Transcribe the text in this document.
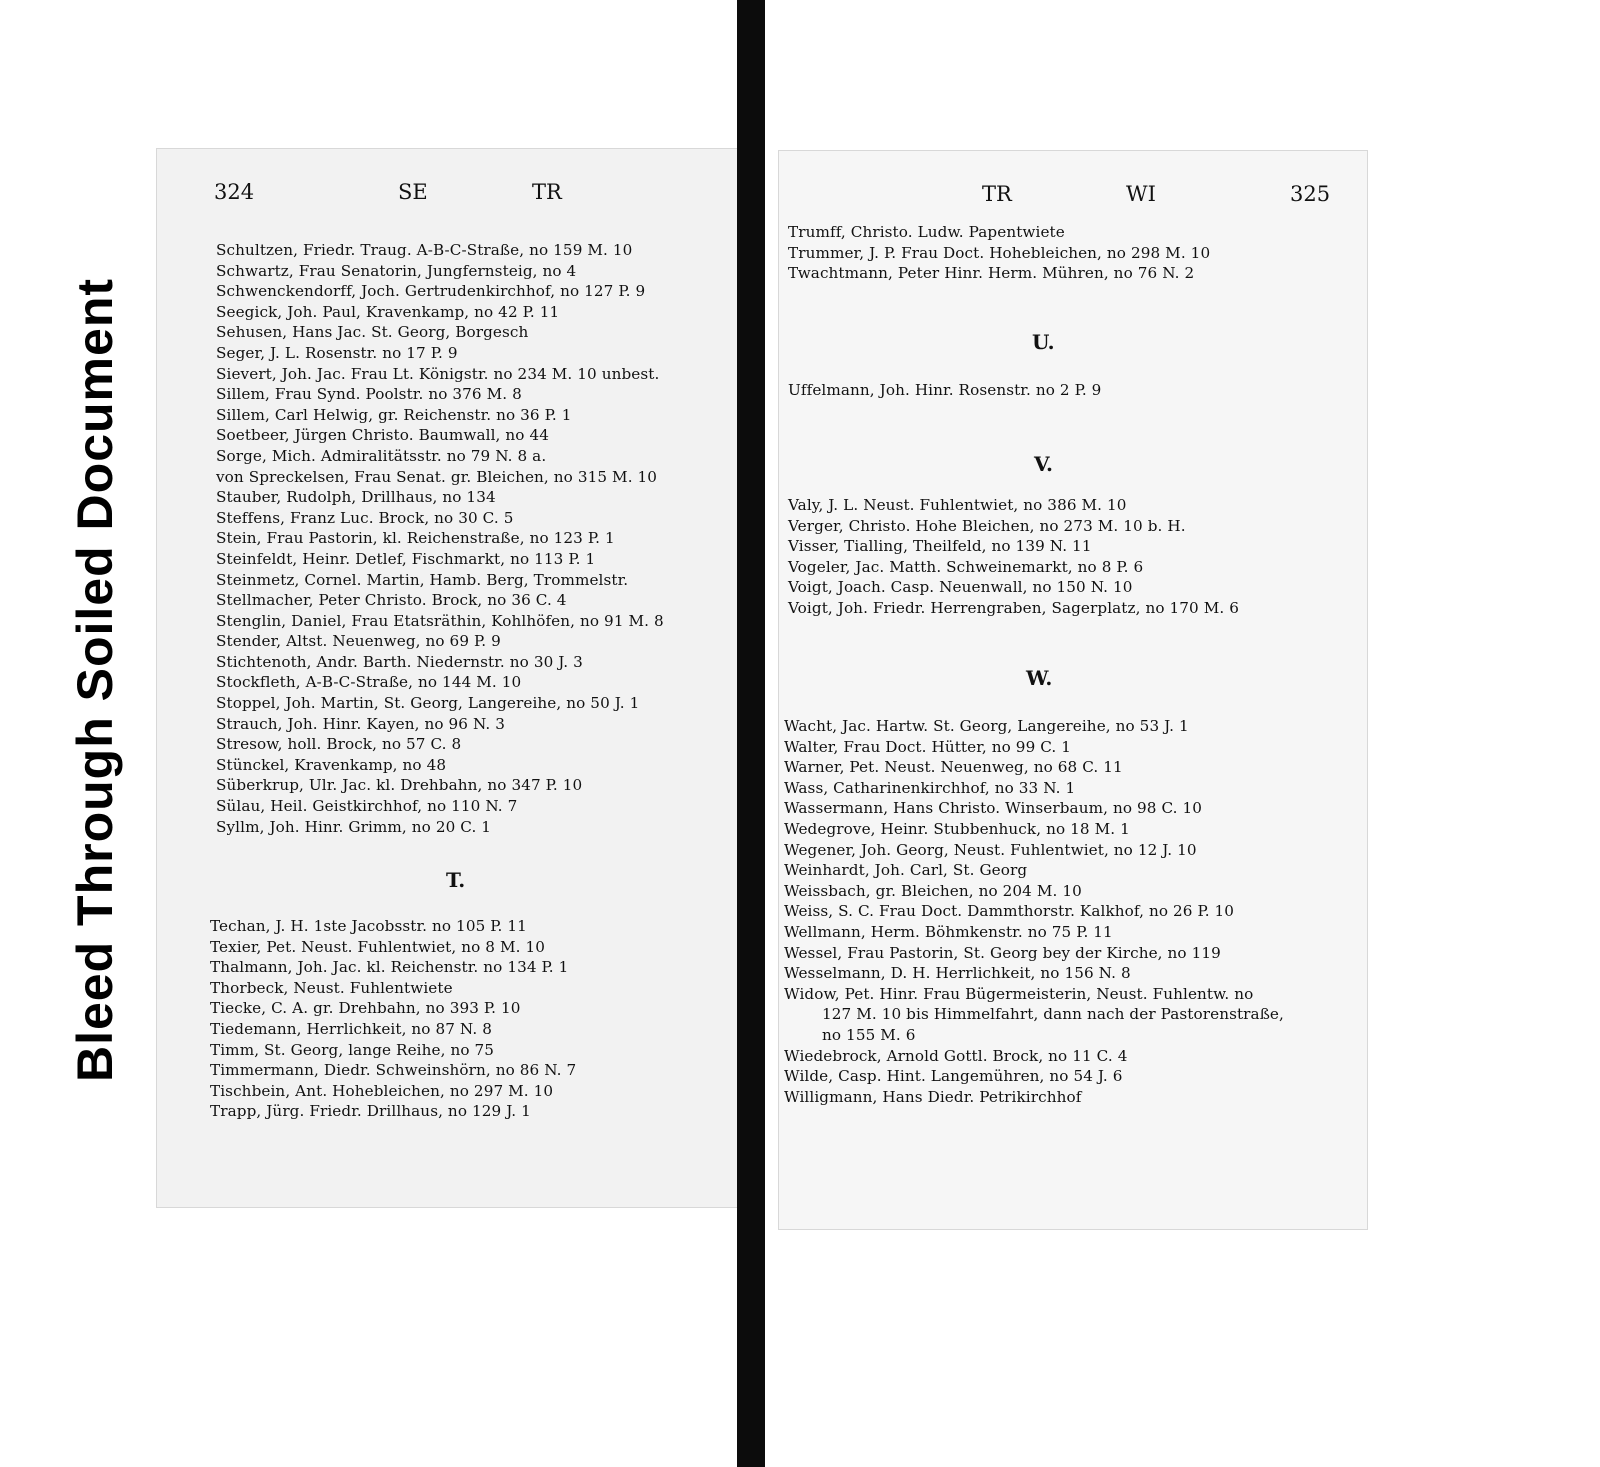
Bleed Through Soiled Document
324	SE	TR
Schultzen, Friedr. Traug. A-B-C-Straße, no 159 M. 10
Schwartz, Frau Senatorin, Jungfernsteig, no 4
Schwenckendorff, Joch. Gertrudenkirchhof, no 127 P. 9
Seegick, Joh. Paul, Kravenkamp, no 42 P. 11
Sehusen, Hans Jac. St. Georg, Borgesch
Seger, J. L. Rosenstr. no 17 P. 9
Sievert, Joh. Jac. Frau Lt. Königstr. no 234 M. 10 unbest.
Sillem, Frau Synd. Poolstr. no 376 M. 8
Sillem, Carl Helwig, gr. Reichenstr. no 36 P. 1
Soetbeer, Jürgen Christo. Baumwall, no 44
Sorge, Mich. Admiralitätsstr. no 79 N. 8 a.
von Spreckelsen, Frau Senat. gr. Bleichen, no 315 M. 10
Stauber, Rudolph, Drillhaus, no 134
Steffens, Franz Luc. Brock, no 30 C. 5
Stein, Frau Pastorin, kl. Reichenstraße, no 123 P. 1
Steinfeldt, Heinr. Detlef, Fischmarkt, no 113 P. 1
Steinmetz, Cornel. Martin, Hamb. Berg, Trommelstr.
Stellmacher, Peter Christo. Brock, no 36 C. 4
Stenglin, Daniel, Frau Etatsräthin, Kohlhöfen, no 91 M. 8
Stender, Altst. Neuenweg, no 69 P. 9
Stichtenoth, Andr. Barth. Niedernstr. no 30 J. 3
Stockfleth, A-B-C-Straße, no 144 M. 10
Stoppel, Joh. Martin, St. Georg, Langereihe, no 50 J. 1
Strauch, Joh. Hinr. Kayen, no 96 N. 3
Stresow, holl. Brock, no 57 C. 8
Stünckel, Kravenkamp, no 48
Süberkrup, Ulr. Jac. kl. Drehbahn, no 347 P. 10
Sülau, Heil. Geistkirchhof, no 110 N. 7
Syllm, Joh. Hinr. Grimm, no 20 C. 1
T.
Techan, J. H. 1ste Jacobsstr. no 105 P. 11
Texier, Pet. Neust. Fuhlentwiet, no 8 M. 10
Thalmann, Joh. Jac. kl. Reichenstr. no 134 P. 1
Thorbeck, Neust. Fuhlentwiete
Tiecke, C. A. gr. Drehbahn, no 393 P. 10
Tiedemann, Herrlichkeit, no 87 N. 8
Timm, St. Georg, lange Reihe, no 75
Timmermann, Diedr. Schweinshörn, no 86 N. 7
Tischbein, Ant. Hohebleichen, no 297 M. 10
Trapp, Jürg. Friedr. Drillhaus, no 129 J. 1
TR	WI	325
Trumff, Christo. Ludw. Papentwiete
Trummer, J. P. Frau Doct. Hohebleichen, no 298 M. 10
Twachtmann, Peter Hinr. Herm. Mühren, no 76 N. 2
U.
Uffelmann, Joh. Hinr. Rosenstr. no 2 P. 9
V.
Valy, J. L. Neust. Fuhlentwiet, no 386 M. 10
Verger, Christo. Hohe Bleichen, no 273 M. 10 b. H.
Visser, Tialling, Theilfeld, no 139 N. 11
Vogeler, Jac. Matth. Schweinemarkt, no 8 P. 6
Voigt, Joach. Casp. Neuenwall, no 150 N. 10
Voigt, Joh. Friedr. Herrengraben, Sagerplatz, no 170 M. 6
W.
Wacht, Jac. Hartw. St. Georg, Langereihe, no 53 J. 1
Walter, Frau Doct. Hütter, no 99 C. 1
Warner, Pet. Neust. Neuenweg, no 68 C. 11
Wass, Catharinenkirchhof, no 33 N. 1
Wassermann, Hans Christo. Winserbaum, no 98 C. 10
Wedegrove, Heinr. Stubbenhuck, no 18 M. 1
Wegener, Joh. Georg, Neust. Fuhlentwiet, no 12 J. 10
Weinhardt, Joh. Carl, St. Georg
Weissbach, gr. Bleichen, no 204 M. 10
Weiss, S. C. Frau Doct. Dammthorstr. Kalkhof, no 26 P. 10
Wellmann, Herm. Böhmkenstr. no 75 P. 11
Wessel, Frau Pastorin, St. Georg bey der Kirche, no 119
Wesselmann, D. H. Herrlichkeit, no 156 N. 8
Widow, Pet. Hinr. Frau Bügermeisterin, Neust. Fuhlentw. no
127 M. 10 bis Himmelfahrt, dann nach der Pastorenstraße,
no 155 M. 6
Wiedebrock, Arnold Gottl. Brock, no 11 C. 4
Wilde, Casp. Hint. Langemühren, no 54 J. 6
Willigmann, Hans Diedr. Petrikirchhof
